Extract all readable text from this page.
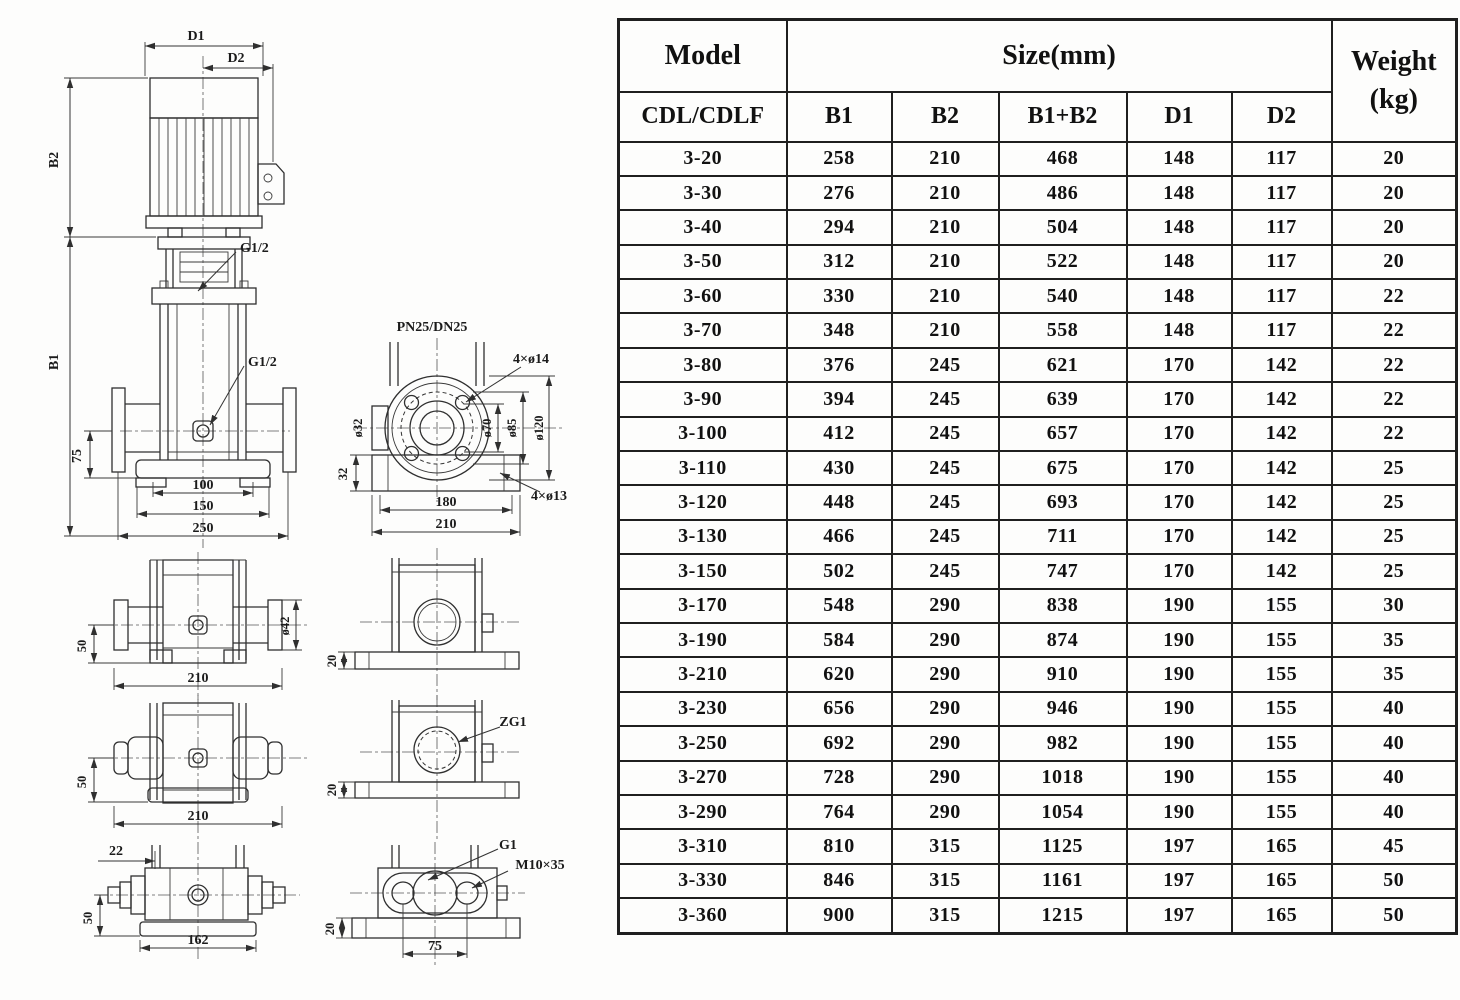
D1
D2
G1/2
G1/2
B2
B1
75
100
150
250
PN25/DN25
4×ø14
ø32	ø70 ø85 ø120
32
180
210
4×ø13
50
ø42
210
20
50
210
ZG1
20
22
50
162
G1
M10×35
20
75
Model	Size(mm)					Weight
(kg)

CDL/CDLF	B1	B2	B1+B2	D1	D2	
3-20	258	210	468	148	117	20
3-30	276	210	486	148	117	20
3-40	294	210	504	148	117	20
3-50	312	210	522	148	117	20
3-60	330	210	540	148	117	22
3-70	348	210	558	148	117	22
3-80	376	245	621	170	142	22
3-90	394	245	639	170	142	22
3-100	412	245	657	170	142	22
3-110	430	245	675	170	142	25
3-120	448	245	693	170	142	25
3-130	466	245	711	170	142	25
3-150	502	245	747	170	142	25
3-170	548	290	838	190	155	30
3-190	584	290	874	190	155	35
3-210	620	290	910	190	155	35
3-230	656	290	946	190	155	40
3-250	692	290	982	190	155	40
3-270	728	290	1018	190	155	40
3-290	764	290	1054	190	155	40
3-310	810	315	1125	197	165	45
3-330	846	315	1161	197	165	50
3-360	900	315	1215	197	165	50
